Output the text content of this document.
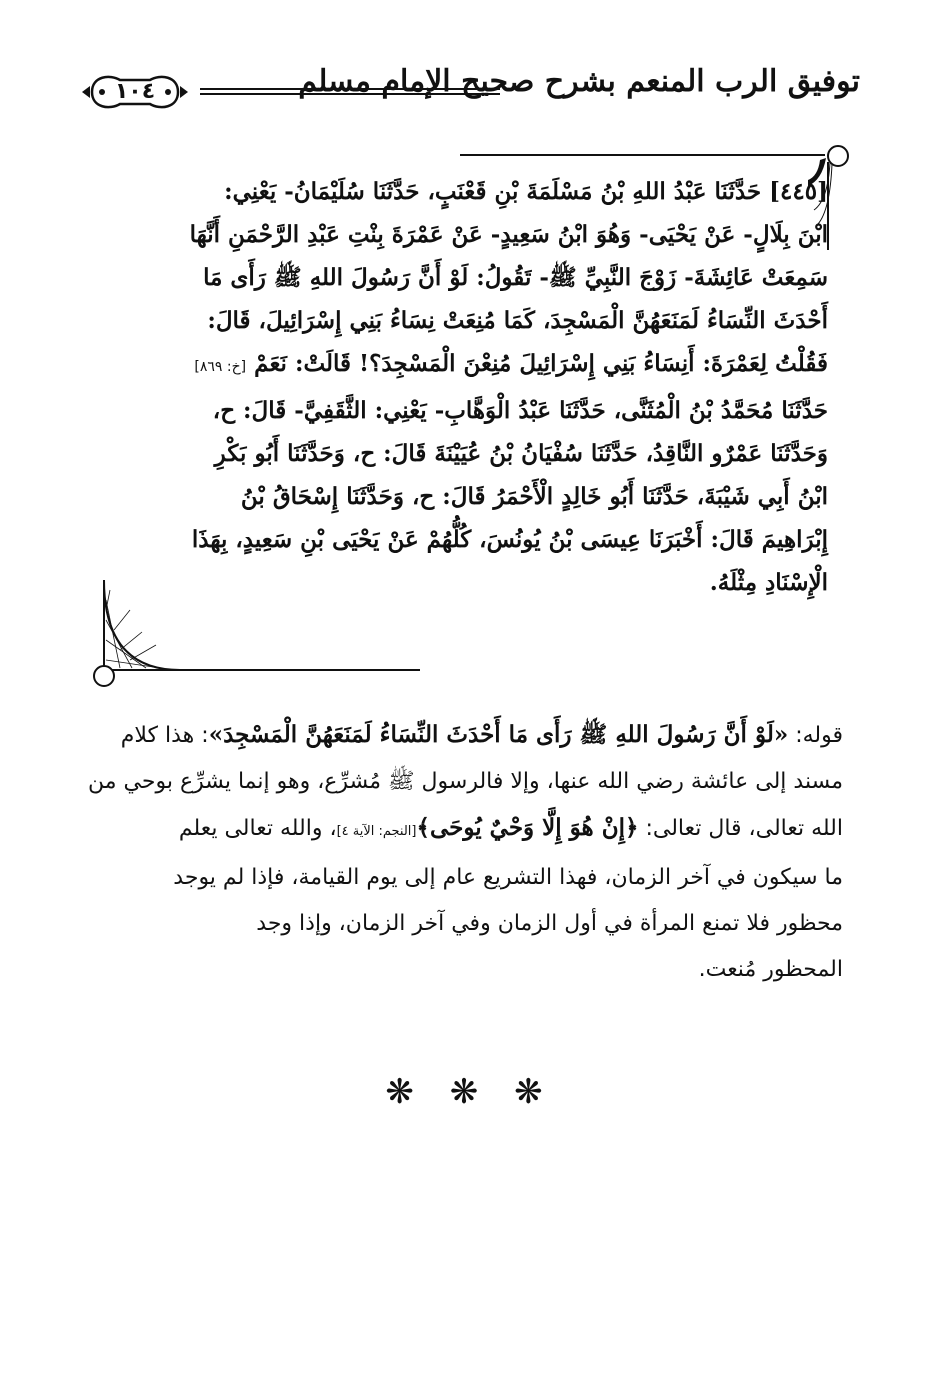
توفيق الرب المنعم بشرح صحيح الإمام مسلم
١٠٤
[٤٤٥] حَدَّثَنَا عَبْدُ اللهِ بْنُ مَسْلَمَةَ بْنِ قَعْنَبٍ، حَدَّثَنَا سُلَيْمَانُ- يَعْنِي:
ابْنَ بِلَالٍ- عَنْ يَحْيَى- وَهُوَ ابْنُ سَعِيدٍ- عَنْ عَمْرَةَ بِنْتِ عَبْدِ الرَّحْمَنِ أَنَّهَا
سَمِعَتْ عَائِشَةَ- زَوْجَ النَّبِيِّ ﷺ- تَقُولُ: لَوْ أَنَّ رَسُولَ اللهِ ﷺ رَأَى مَا
أَحْدَثَ النِّسَاءُ لَمَنَعَهُنَّ الْمَسْجِدَ، كَمَا مُنِعَتْ نِسَاءُ بَنِي إِسْرَائِيلَ، قَالَ:
فَقُلْتُ لِعَمْرَةَ: أَنِسَاءُ بَنِي إِسْرَائِيلَ مُنِعْنَ الْمَسْجِدَ؟! قَالَتْ: نَعَمْ [خ: ٨٦٩]
حَدَّثَنَا مُحَمَّدُ بْنُ الْمُثَنَّى، حَدَّثَنَا عَبْدُ الْوَهَّابِ- يَعْنِي: الثَّقَفِيَّ- قَالَ: ح،
وَحَدَّثَنَا عَمْرٌو النَّاقِدُ، حَدَّثَنَا سُفْيَانُ بْنُ عُيَيْنَةَ قَالَ: ح، وَحَدَّثَنَا أَبُو بَكْرِ
ابْنُ أَبِي شَيْبَةَ، حَدَّثَنَا أَبُو خَالِدٍ الْأَحْمَرُ قَالَ: ح، وَحَدَّثَنَا إِسْحَاقُ بْنُ
إِبْرَاهِيمَ قَالَ: أَخْبَرَنَا عِيسَى بْنُ يُونُسَ، كُلُّهُمْ عَنْ يَحْيَى بْنِ سَعِيدٍ، بِهَذَا
الْإِسْنَادِ مِثْلَهُ.
قوله: «لَوْ أَنَّ رَسُولَ اللهِ ﷺ رَأَى مَا أَحْدَثَ النِّسَاءُ لَمَنَعَهُنَّ الْمَسْجِدَ»: هذا كلام
مسند إلى عائشة رضي الله عنها، وإلا فالرسول ﷺ مُشرِّع، وهو إنما يشرِّع بوحي من
الله تعالى، قال تعالى: ﴿إِنْ هُوَ إِلَّا وَحْيٌ يُوحَى﴾[النجم: الآية ٤]، والله تعالى يعلم
ما سيكون في آخر الزمان، فهذا التشريع عام إلى يوم القيامة، فإذا لم يوجد
محظور فلا تمنع المرأة في أول الزمان وفي آخر الزمان، وإذا وجد
المحظور مُنعت.
❋ ❋ ❋
